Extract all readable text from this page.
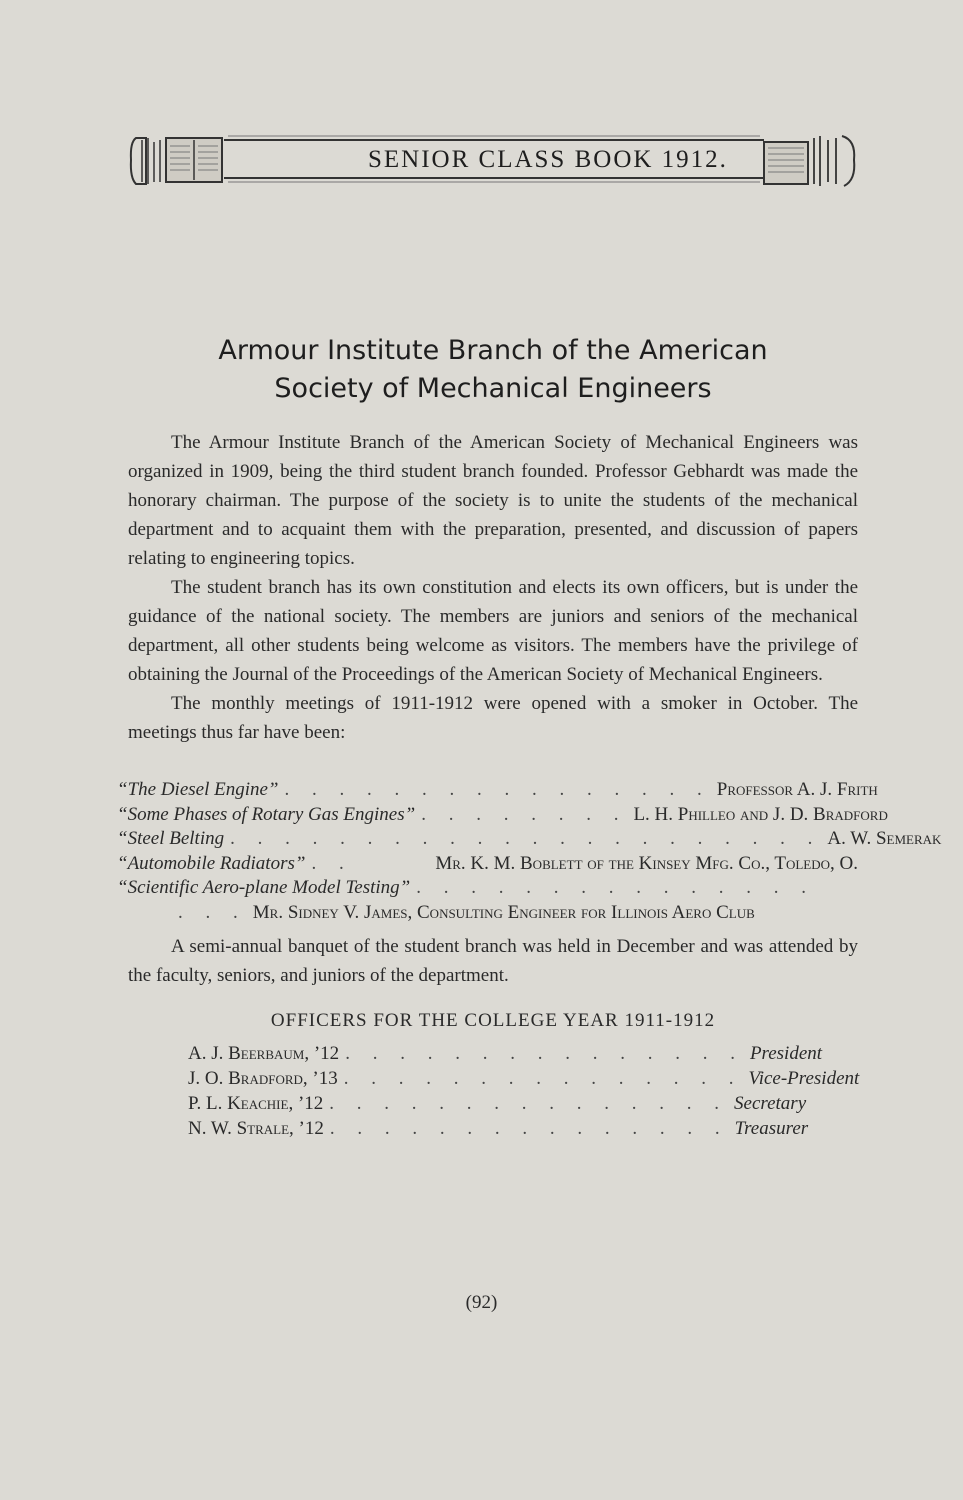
SENIOR CLASS BOOK 1912.
Armour Institute Branch of the American
Society of Mechanical Engineers

The Armour Institute Branch of the American Society of Mechanical Engineers was organized in 1909, being the third student branch founded. Professor Gebhardt was made the honorary chairman. The purpose of the society is to unite the students of the mechanical department and to acquaint them with the preparation, presented, and discussion of papers relating to engineering topics.

The student branch has its own constitution and elects its own officers, but is under the guidance of the national society. The members are juniors and seniors of the mechanical department, all other students being welcome as visitors. The members have the privilege of obtaining the Journal of the Proceedings of the American Society of Mechanical Engineers.

The monthly meetings of 1911-1912 were opened with a smoker in October. The meetings thus far have been:

“The Diesel Engine” . . . . . . . . . . . . . . . . Professor A. J. Frith
“Some Phases of Rotary Gas Engines” . . . . . . . . L. H. Philleo and J. D. Bradford
“Steel Belting . . . . . . . . . . . . . . . . . . . . . . A. W. Semerak
“Automobile Radiators” . .	Mr. K. M. Boblett of the Kinsey Mfg. Co., Toledo, O.
“Scientific Aero-plane Model Testing” . . . . . . . . . . . . . . .
. . . Mr. Sidney V. James, Consulting Engineer for Illinois Aero Club

A semi-annual banquet of the student branch was held in December and was attended by the faculty, seniors, and juniors of the department.

OFFICERS FOR THE COLLEGE YEAR 1911-1912
A. J. Beerbaum, ’12 . . . . . . . . . . . . . . . President
J. O. Bradford, ’13 . . . . . . . . . . . . . . . Vice-President
P. L. Keachie, ’12 . . . . . . . . . . . . . . . Secretary
N. W. Strale, ’12 . . . . . . . . . . . . . . . Treasurer
(92)
